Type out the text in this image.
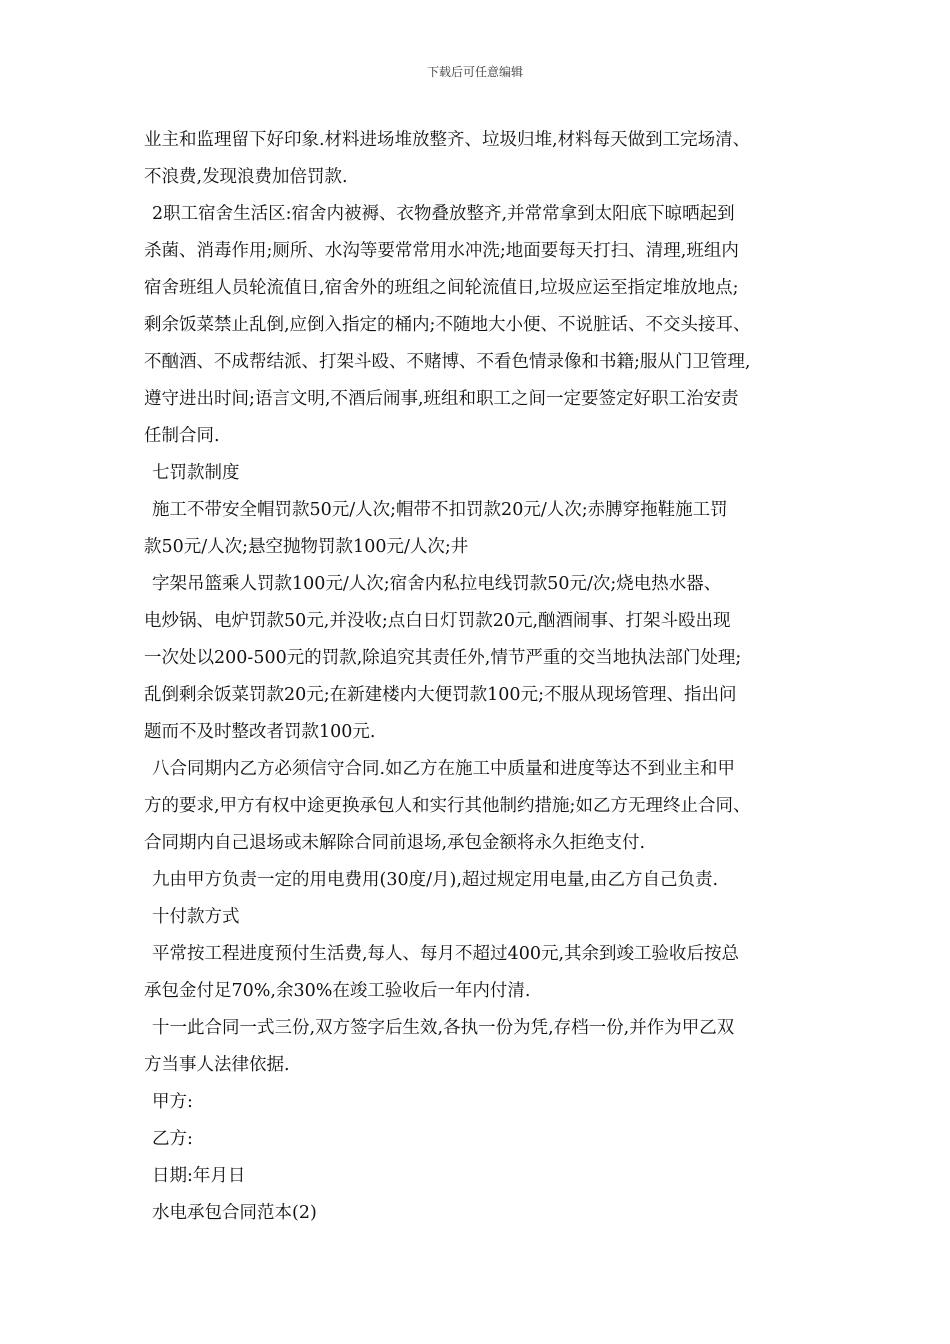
下载后可任意编辑
业主和监理留下好印象.材料进场堆放整齐、垃圾归堆,材料每天做到工完场清、
不浪费,发现浪费加倍罚款.
2职工宿舍生活区:宿舍内被褥、衣物叠放整齐,并常常拿到太阳底下晾晒起到
杀菌、消毒作用;厕所、水沟等要常常用水冲洗;地面要每天打扫、清理,班组内
宿舍班组人员轮流值日,宿舍外的班组之间轮流值日,垃圾应运至指定堆放地点;
剩余饭菜禁止乱倒,应倒入指定的桶内;不随地大小便、不说脏话、不交头接耳、
不酗酒、不成帮结派、打架斗殴、不赌博、不看色情录像和书籍;服从门卫管理,
遵守进出时间;语言文明,不酒后闹事,班组和职工之间一定要签定好职工治安责
任制合同.
七罚款制度
施工不带安全帽罚款50元/人次;帽带不扣罚款20元/人次;赤膊穿拖鞋施工罚
款50元/人次;悬空抛物罚款100元/人次;井
字架吊篮乘人罚款100元/人次;宿舍内私拉电线罚款50元/次;烧电热水器、
电炒锅、电炉罚款50元,并没收;点白日灯罚款20元,酗酒闹事、打架斗殴出现
一次处以200-500元的罚款,除追究其责任外,情节严重的交当地执法部门处理;
乱倒剩余饭菜罚款20元;在新建楼内大便罚款100元;不服从现场管理、指出问
题而不及时整改者罚款100元.
八合同期内乙方必须信守合同.如乙方在施工中质量和进度等达不到业主和甲
方的要求,甲方有权中途更换承包人和实行其他制约措施;如乙方无理终止合同、
合同期内自己退场或未解除合同前退场,承包金额将永久拒绝支付.
九由甲方负责一定的用电费用(30度/月),超过规定用电量,由乙方自己负责.
十付款方式
平常按工程进度预付生活费,每人、每月不超过400元,其余到竣工验收后按总
承包金付足70%,余30%在竣工验收后一年内付清.
十一此合同一式三份,双方签字后生效,各执一份为凭,存档一份,并作为甲乙双
方当事人法律依据.
甲方:
乙方:
日期:年月日
水电承包合同范本(2)
